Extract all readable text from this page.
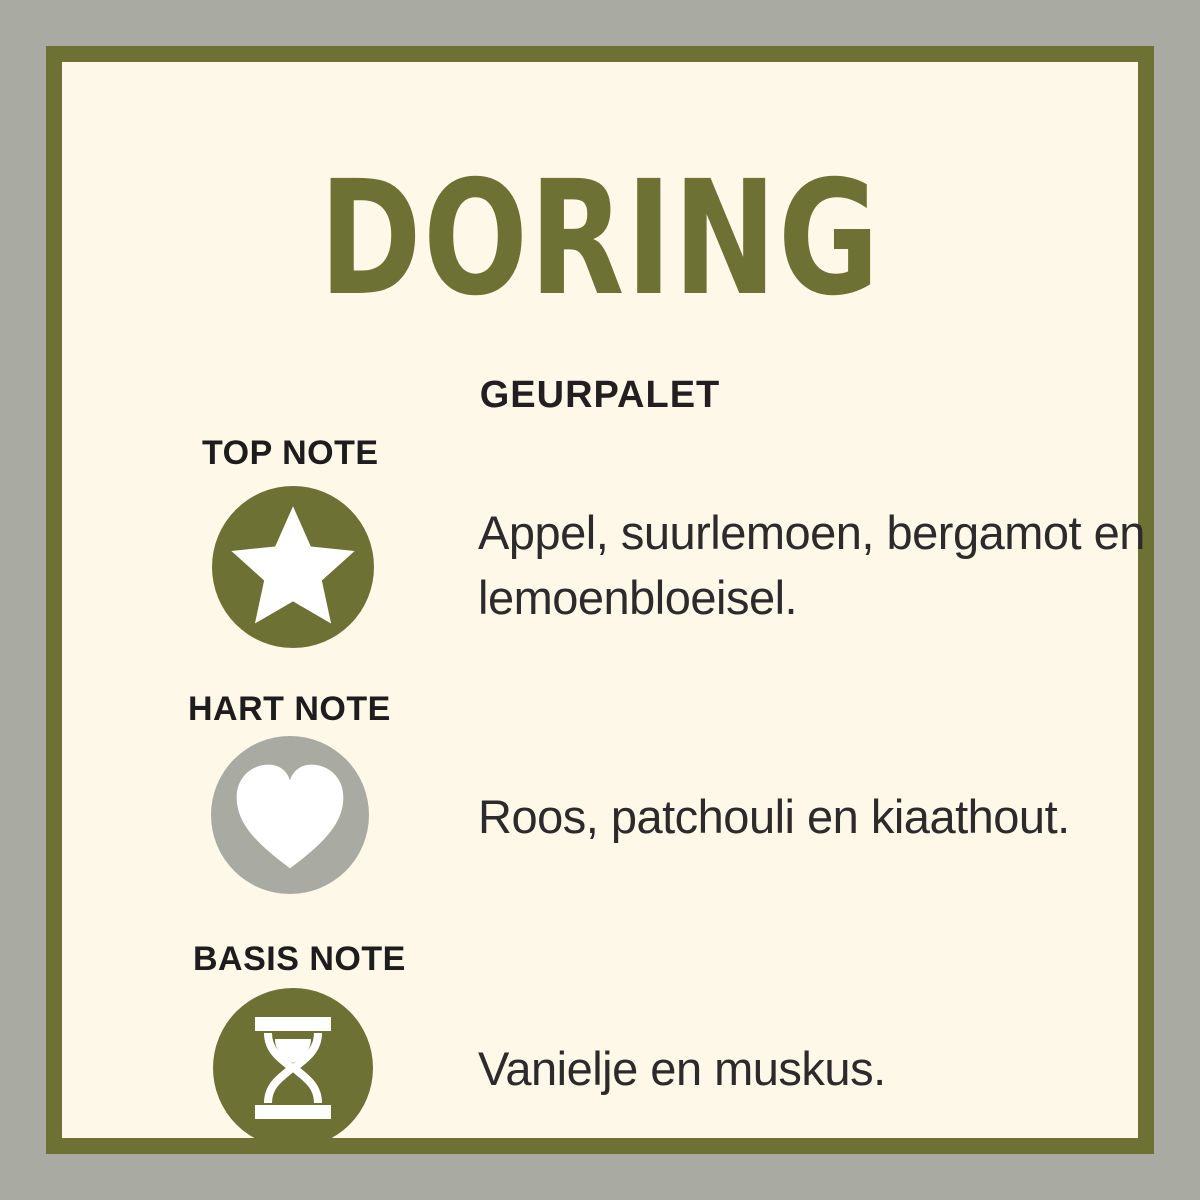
DORING
GEURPALET
TOP NOTE
Appel, suurlemoen, bergamot en lemoenbloeisel.
HART NOTE
Roos, patchouli en kiaathout.
BASIS NOTE
Vanielje en muskus.
